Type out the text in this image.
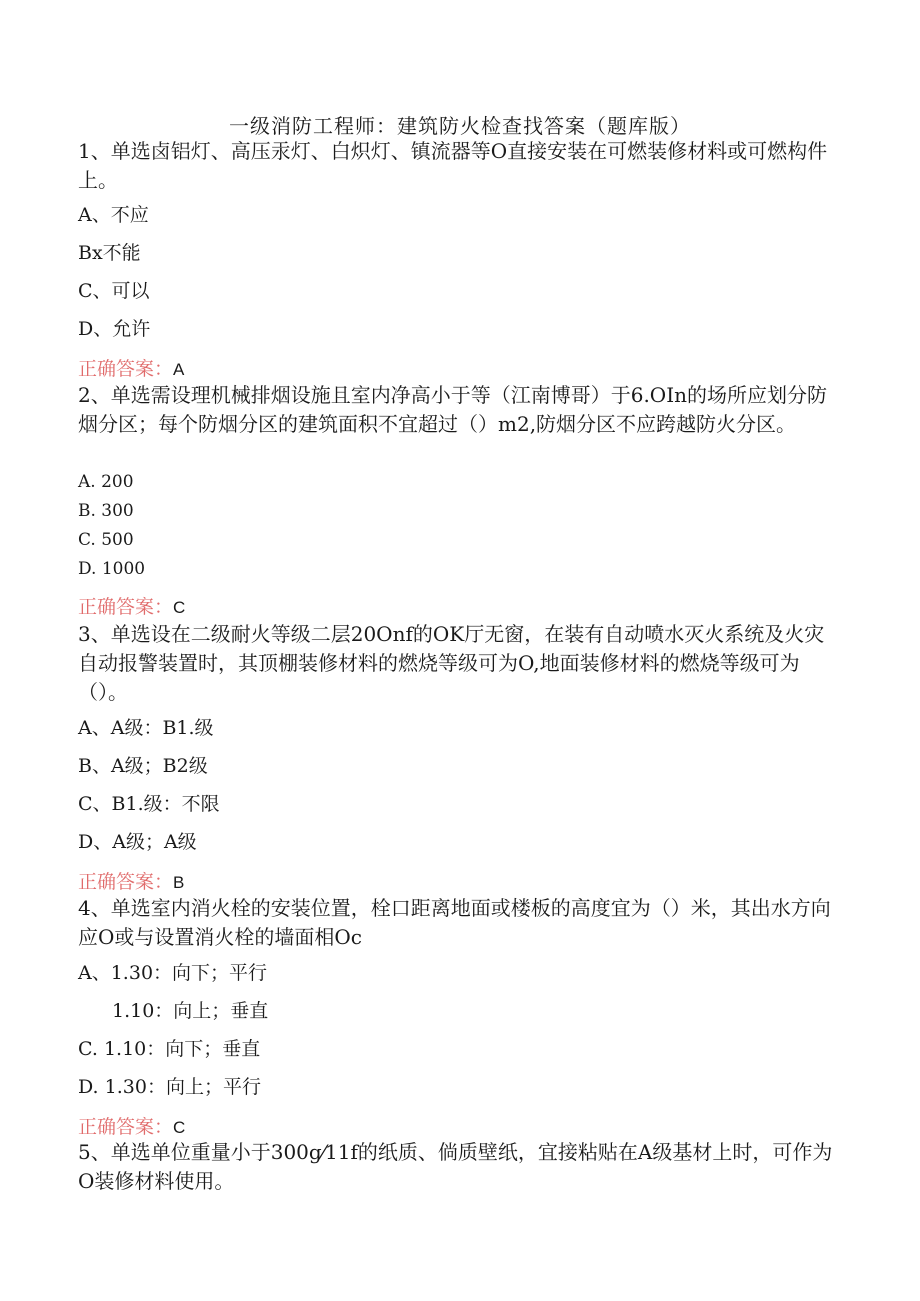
一级消防工程师：建筑防火检查找答案（题库版）
1、单选卤铝灯、高压汞灯、白炽灯、镇流器等O直接安装在可燃装修材料或可燃构件上。
A、不应
Bx不能
C、可以
D、允许
正确答案：A
2、单选需设理机械排烟设施且室内净高小于等（江南博哥）于6.OIn的场所应划分防烟分区；每个防烟分区的建筑面积不宜超过（）m2,防烟分区不应跨越防火分区。
A. 200
B. 300
C. 500
D. 1000
正确答案：C
3、单选设在二级耐火等级二层20Onf的OK厅无窗，在装有自动喷水灭火系统及火灾自动报警装置时，其顶棚装修材料的燃烧等级可为O,地面装修材料的燃烧等级可为（）。
A、A级：B1.级
B、A级；B2级
C、B1.级：不限
D、A级；A级
正确答案：B
4、单选室内消火栓的安装位置，栓口距离地面或楼板的高度宜为（）米，其出水方向应O或与设置消火栓的墙面相Oc
A、1.30：向下；平行
1.10：向上；垂直
C. 1.10：向下；垂直
D. 1.30：向上；平行
正确答案：C
5、单选单位重量小于300g⁄11f的纸质、倘质壁纸，宜接粘贴在A级基材上时，可作为O装修材料使用。
